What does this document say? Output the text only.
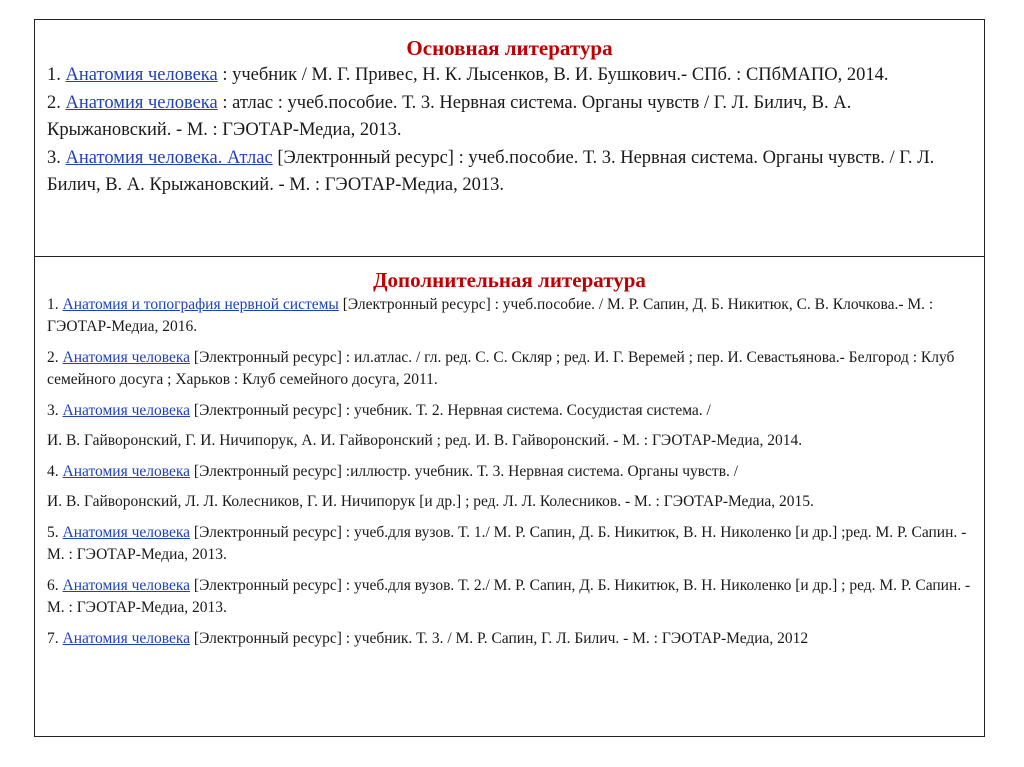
Основная литература

1. Анатомия человека : учебник / М. Г. Привес, Н. К. Лысенков, В. И. Бушкович.- СПб. : СПбМАПО, 2014.

2. Анатомия человека : атлас : учеб.пособие. Т. 3. Нервная система. Органы чувств / Г. Л. Билич, В. А. Крыжановский. - М. : ГЭОТАР-Медиа, 2013.

3. Анатомия человека. Атлас [Электронный ресурс] : учеб.пособие. Т. 3. Нервная система. Органы чувств. / Г. Л. Билич, В. А. Крыжановский. - М. : ГЭОТАР-Медиа, 2013.

Дополнительная литература

1. Анатомия и топография нервной системы [Электронный ресурс] : учеб.пособие. / М. Р. Сапин, Д. Б. Никитюк, С. В. Клочкова.- М. : ГЭОТАР-Медиа, 2016.

2. Анатомия человека [Электронный ресурс] : ил.атлас. / гл. ред. С. С. Скляр ; ред. И. Г. Веремей ; пер. И. Севастьянова.- Белгород : Клуб семейного досуга ; Харьков : Клуб семейного досуга, 2011.

3. Анатомия человека [Электронный ресурс] : учебник. Т. 2. Нервная система. Сосудистая система. /
И. В. Гайворонский, Г. И. Ничипорук, А. И. Гайворонский ; ред. И. В. Гайворонский. - М. : ГЭОТАР-Медиа, 2014.

4. Анатомия человека [Электронный ресурс] :иллюстр. учебник. Т. 3. Нервная система. Органы чувств. /
И. В. Гайворонский, Л. Л. Колесников, Г. И. Ничипорук [и др.] ; ред. Л. Л. Колесников. - М. : ГЭОТАР-Медиа, 2015.

5. Анатомия человека [Электронный ресурс] : учеб.для вузов. Т. 1./ М. Р. Сапин, Д. Б. Никитюк, В. Н. Николенко [и др.] ;ред. М. Р. Сапин. - М. : ГЭОТАР-Медиа, 2013.

6. Анатомия человека [Электронный ресурс] : учеб.для вузов. Т. 2./ М. Р. Сапин, Д. Б. Никитюк, В. Н. Николенко [и др.] ; ред. М. Р. Сапин. - М. : ГЭОТАР-Медиа, 2013.

7. Анатомия человека [Электронный ресурс] : учебник. Т. 3. / М. Р. Сапин, Г. Л. Билич. - М. : ГЭОТАР-Медиа, 2012
